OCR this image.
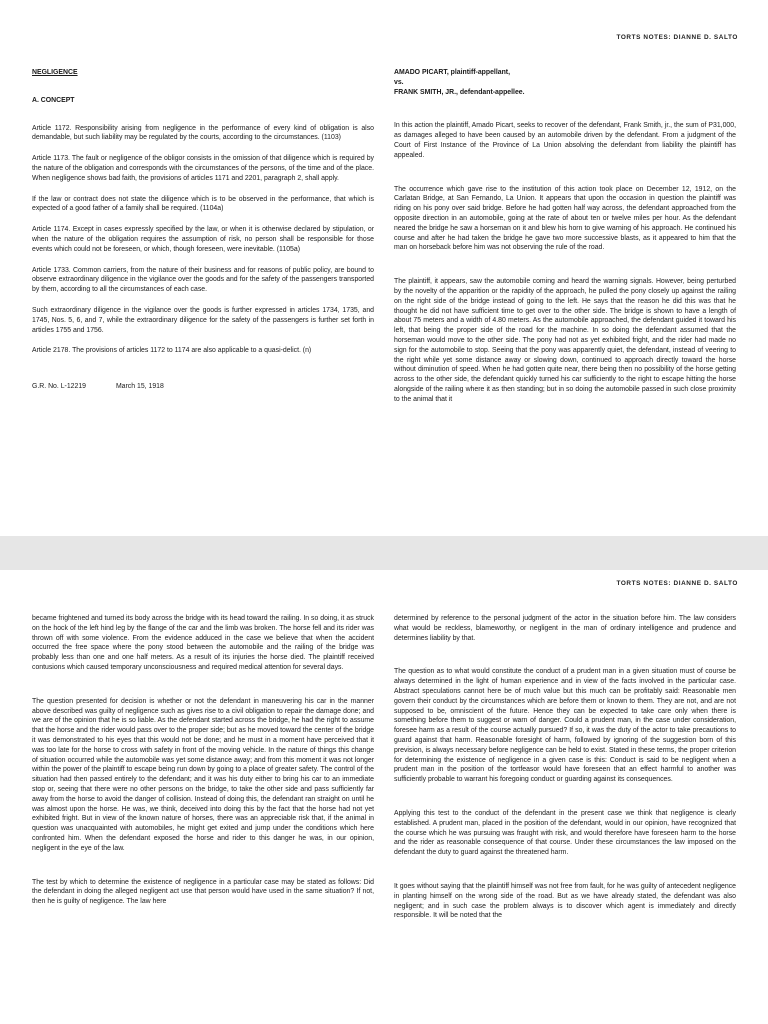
TORTS NOTES: DIANNE D. SALTO

NEGLIGENCE

A. CONCEPT

Article 1172. Responsibility arising from negligence in the performance of every kind of obligation is also demandable, but such liability may be regulated by the courts, according to the circumstances. (1103)

Article 1173. The fault or negligence of the obligor consists in the omission of that diligence which is required by the nature of the obligation and corresponds with the circumstances of the persons, of the time and of the place. When negligence shows bad faith, the provisions of articles 1171 and 2201, paragraph 2, shall apply.

If the law or contract does not state the diligence which is to be observed in the performance, that which is expected of a good father of a family shall be required. (1104a)

Article 1174. Except in cases expressly specified by the law, or when it is otherwise declared by stipulation, or when the nature of the obligation requires the assumption of risk, no person shall be responsible for those events which could not be foreseen, or which, though foreseen, were inevitable. (1105a)

Article 1733. Common carriers, from the nature of their business and for reasons of public policy, are bound to observe extraordinary diligence in the vigilance over the goods and for the safety of the passengers transported by them, according to all the circumstances of each case.

Such extraordinary diligence in the vigilance over the goods is further expressed in articles 1734, 1735, and 1745, Nos. 5, 6, and 7, while the extraordinary diligence for the safety of the passengers is further set forth in articles 1755 and 1756.

Article 2178. The provisions of articles 1172 to 1174 are also applicable to a quasi-delict. (n)

G.R. No. L-12219	March 15, 1918

AMADO PICART, plaintiff-appellant,

vs.

FRANK SMITH, JR., defendant-appellee.

In this action the plaintiff, Amado Picart, seeks to recover of the defendant, Frank Smith, jr., the sum of P31,000, as damages alleged to have been caused by an automobile driven by the defendant. From a judgment of the Court of First Instance of the Province of La Union absolving the defendant from liability the plaintiff has appealed.

The occurrence which gave rise to the institution of this action took place on December 12, 1912, on the Carlatan Bridge, at San Fernando, La Union. It appears that upon the occasion in question the plaintiff was riding on his pony over said bridge. Before he had gotten half way across, the defendant approached from the opposite direction in an automobile, going at the rate of about ten or twelve miles per hour. As the defendant neared the bridge he saw a horseman on it and blew his horn to give warning of his approach. He continued his course and after he had taken the bridge he gave two more successive blasts, as it appeared to him that the man on horseback before him was not observing the rule of the road.

The plaintiff, it appears, saw the automobile coming and heard the warning signals. However, being perturbed by the novelty of the apparition or the rapidity of the approach, he pulled the pony closely up against the railing on the right side of the bridge instead of going to the left. He says that the reason he did this was that he thought he did not have sufficient time to get over to the other side. The bridge is shown to have a length of about 75 meters and a width of 4.80 meters. As the automobile approached, the defendant guided it toward his left, that being the proper side of the road for the machine. In so doing the defendant assumed that the horseman would move to the other side. The pony had not as yet exhibited fright, and the rider had made no sign for the automobile to stop. Seeing that the pony was apparently quiet, the defendant, instead of veering to the right while yet some distance away or slowing down, continued to approach directly toward the horse without diminution of speed. When he had gotten quite near, there being then no possibility of the horse getting across to the other side, the defendant quickly turned his car sufficiently to the right to escape hitting the horse alongside of the railing where it as then standing; but in so doing the automobile passed in such close proximity to the animal that it

TORTS NOTES: DIANNE D. SALTO

became frightened and turned its body across the bridge with its head toward the railing. In so doing, it as struck on the hock of the left hind leg by the flange of the car and the limb was broken. The horse fell and its rider was thrown off with some violence. From the evidence adduced in the case we believe that when the accident occurred the free space where the pony stood between the automobile and the railing of the bridge was probably less than one and one half meters. As a result of its injuries the horse died. The plaintiff received contusions which caused temporary unconsciousness and required medical attention for several days.

The question presented for decision is whether or not the defendant in maneuvering his car in the manner above described was guilty of negligence such as gives rise to a civil obligation to repair the damage done; and we are of the opinion that he is so liable. As the defendant started across the bridge, he had the right to assume that the horse and the rider would pass over to the proper side; but as he moved toward the center of the bridge it was demonstrated to his eyes that this would not be done; and he must in a moment have perceived that it was too late for the horse to cross with safety in front of the moving vehicle. In the nature of things this change of situation occurred while the automobile was yet some distance away; and from this moment it was not longer within the power of the plaintiff to escape being run down by going to a place of greater safety. The control of the situation had then passed entirely to the defendant; and it was his duty either to bring his car to an immediate stop or, seeing that there were no other persons on the bridge, to take the other side and pass sufficiently far away from the horse to avoid the danger of collision. Instead of doing this, the defendant ran straight on until he was almost upon the horse. He was, we think, deceived into doing this by the fact that the horse had not yet exhibited fright. But in view of the known nature of horses, there was an appreciable risk that, if the animal in question was unacquainted with automobiles, he might get exited and jump under the conditions which here confronted him. When the defendant exposed the horse and rider to this danger he was, in our opinion, negligent in the eye of the law.

The test by which to determine the existence of negligence in a particular case may be stated as follows: Did the defendant in doing the alleged negligent act use that person would have used in the same situation? If not, then he is guilty of negligence. The law here

determined by reference to the personal judgment of the actor in the situation before him. The law considers what would be reckless, blameworthy, or negligent in the man of ordinary intelligence and prudence and determines liability by that.

The question as to what would constitute the conduct of a prudent man in a given situation must of course be always determined in the light of human experience and in view of the facts involved in the particular case. Abstract speculations cannot here be of much value but this much can be profitably said: Reasonable men govern their conduct by the circumstances which are before them or known to them. They are not, and are not supposed to be, omniscient of the future. Hence they can be expected to take care only when there is something before them to suggest or warn of danger. Could a prudent man, in the case under consideration, foresee harm as a result of the course actually pursued? If so, it was the duty of the actor to take precautions to guard against that harm. Reasonable foresight of harm, followed by ignoring of the suggestion born of this prevision, is always necessary before negligence can be held to exist. Stated in these terms, the proper criterion for determining the existence of negligence in a given case is this: Conduct is said to be negligent when a prudent man in the position of the tortfeasor would have foreseen that an effect harmful to another was sufficiently probable to warrant his foregoing conduct or guarding against its consequences.

Applying this test to the conduct of the defendant in the present case we think that negligence is clearly established. A prudent man, placed in the position of the defendant, would in our opinion, have recognized that the course which he was pursuing was fraught with risk, and would therefore have foreseen harm to the horse and the rider as reasonable consequence of that course. Under these circumstances the law imposed on the defendant the duty to guard against the threatened harm.

It goes without saying that the plaintiff himself was not free from fault, for he was guilty of antecedent negligence in planting himself on the wrong side of the road. But as we have already stated, the defendant was also negligent; and in such case the problem always is to discover which agent is immediately and directly responsible. It will be noted that the
